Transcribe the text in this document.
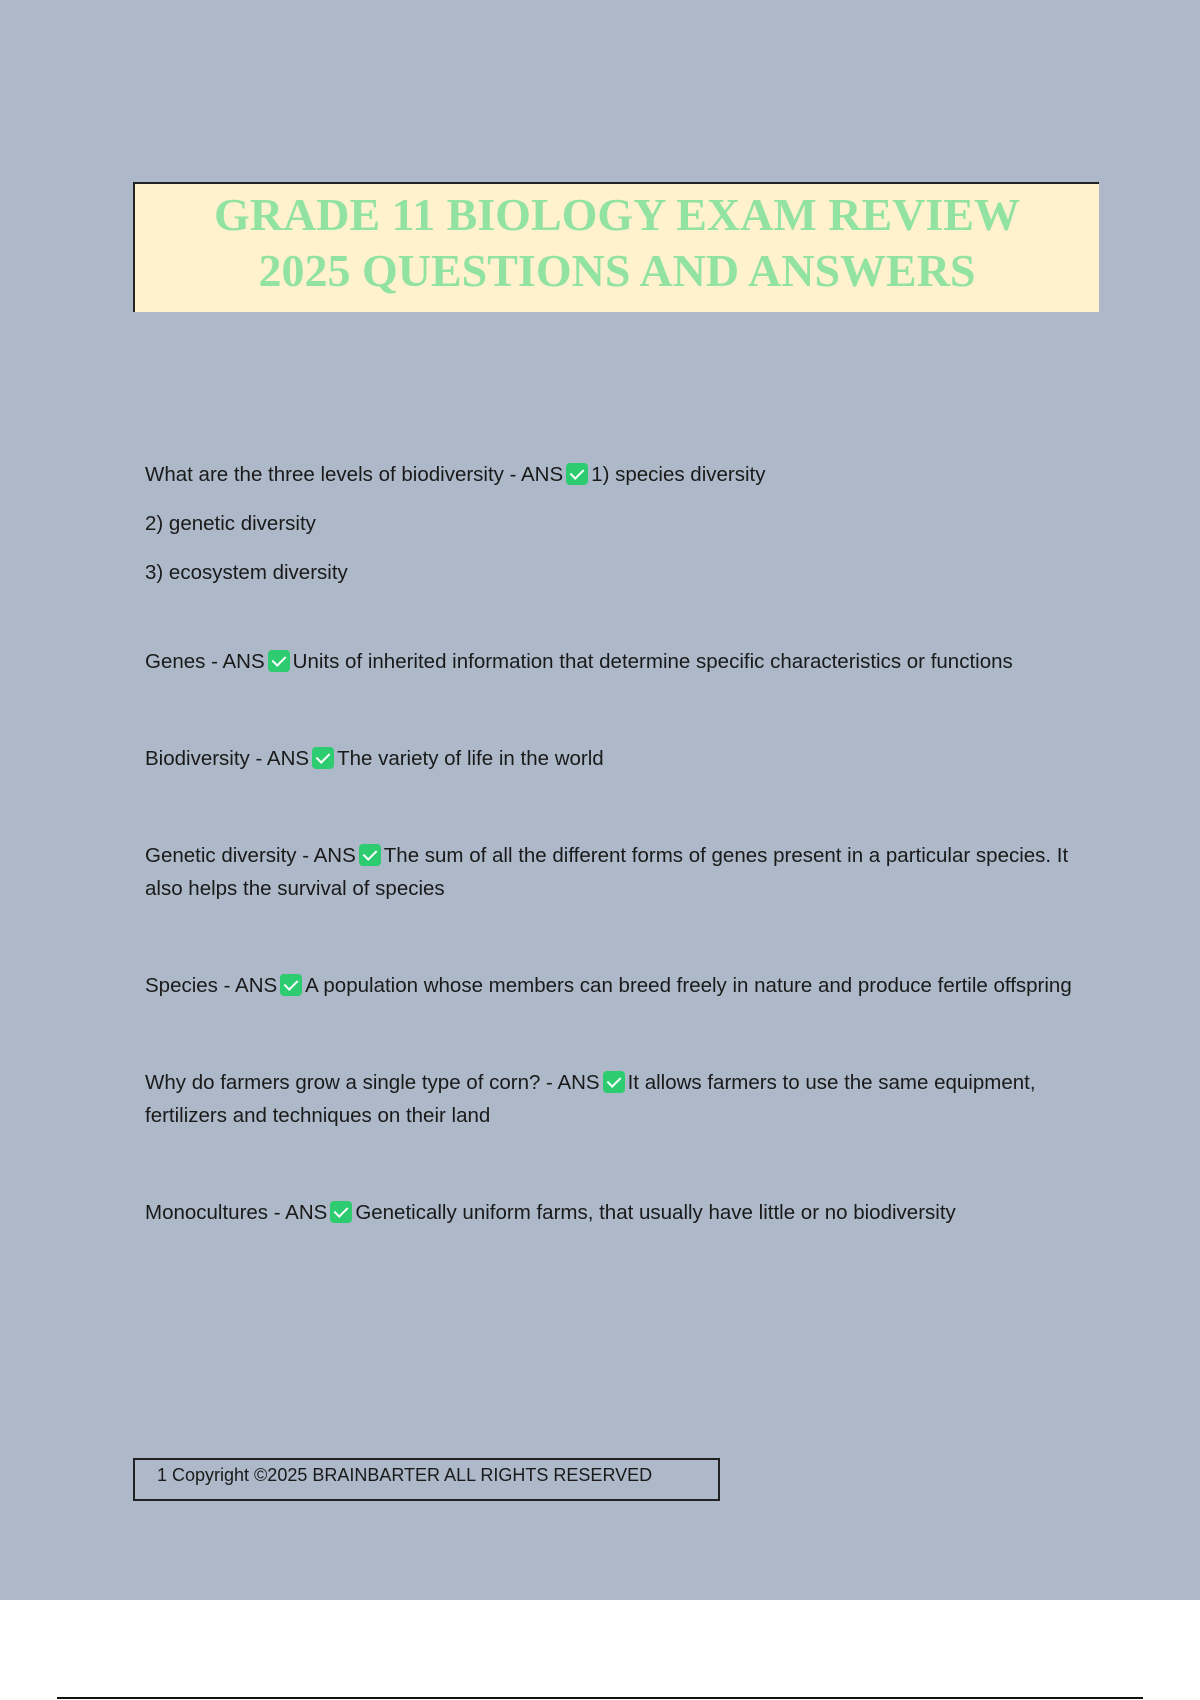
GRADE 11 BIOLOGY EXAM REVIEW
2025 QUESTIONS AND ANSWERS

What are the three levels of biodiversity - ANS 1) species diversity

2) genetic diversity

3) ecosystem diversity

Genes - ANS Units of inherited information that determine specific characteristics or functions

Biodiversity - ANS The variety of life in the world

Genetic diversity - ANS The sum of all the different forms of genes present in a particular species. It also helps the survival of species

Species - ANS A population whose members can breed freely in nature and produce fertile offspring

Why do farmers grow a single type of corn? - ANS It allows farmers to use the same equipment, fertilizers and techniques on their land

Monocultures - ANS Genetically uniform farms, that usually have little or no biodiversity

1 Copyright ©2025 BRAINBARTER ALL RIGHTS RESERVED
